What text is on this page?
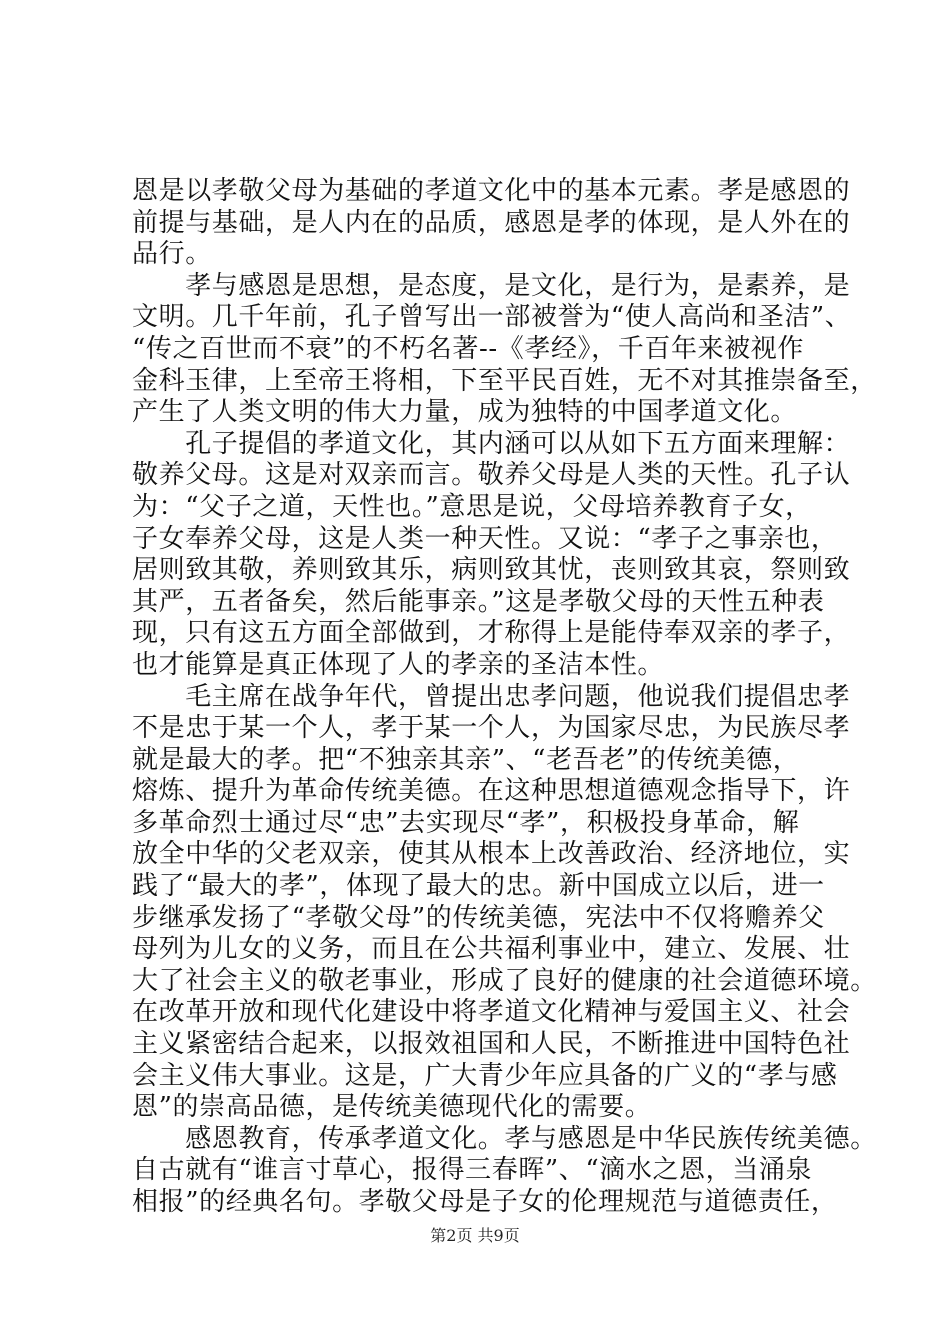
恩是以孝敬父母为基础的孝道文化中的基本元素。孝是感恩的
前提与基础，是人内在的品质，感恩是孝的体现，是人外在的
品行。
　　孝与感恩是思想，是态度，是文化，是行为，是素养，是
文明。几千年前，孔子曾写出一部被誉为“使人高尚和圣洁”、
“传之百世而不衰”的不朽名著--《孝经》，千百年来被视作
金科玉律，上至帝王将相，下至平民百姓，无不对其推崇备至，
产生了人类文明的伟大力量，成为独特的中国孝道文化。
　　孔子提倡的孝道文化，其内涵可以从如下五方面来理解：
敬养父母。这是对双亲而言。敬养父母是人类的天性。孔子认
为：“父子之道，天性也。”意思是说，父母培养教育子女，
子女奉养父母，这是人类一种天性。又说：“孝子之事亲也，
居则致其敬，养则致其乐，病则致其忧，丧则致其哀，祭则致
其严，五者备矣，然后能事亲。”这是孝敬父母的天性五种表
现，只有这五方面全部做到，才称得上是能侍奉双亲的孝子，
也才能算是真正体现了人的孝亲的圣洁本性。
　　毛主席在战争年代，曾提出忠孝问题，他说我们提倡忠孝
不是忠于某一个人，孝于某一个人，为国家尽忠，为民族尽孝
就是最大的孝。把“不独亲其亲”、“老吾老”的传统美德，
熔炼、提升为革命传统美德。在这种思想道德观念指导下，许
多革命烈士通过尽“忠”去实现尽“孝”，积极投身革命，解
放全中华的父老双亲，使其从根本上改善政治、经济地位，实
践了“最大的孝”，体现了最大的忠。新中国成立以后，进一
步继承发扬了“孝敬父母”的传统美德，宪法中不仅将赡养父
母列为儿女的义务，而且在公共福利事业中，建立、发展、壮
大了社会主义的敬老事业，形成了良好的健康的社会道德环境。
在改革开放和现代化建设中将孝道文化精神与爱国主义、社会
主义紧密结合起来，以报效祖国和人民，不断推进中国特色社
会主义伟大事业。这是，广大青少年应具备的广义的“孝与感
恩”的崇高品德，是传统美德现代化的需要。
　　感恩教育，传承孝道文化。孝与感恩是中华民族传统美德。
自古就有“谁言寸草心，报得三春晖”、“滴水之恩，当涌泉
相报”的经典名句。孝敬父母是子女的伦理规范与道德责任，
第2页 共9页
